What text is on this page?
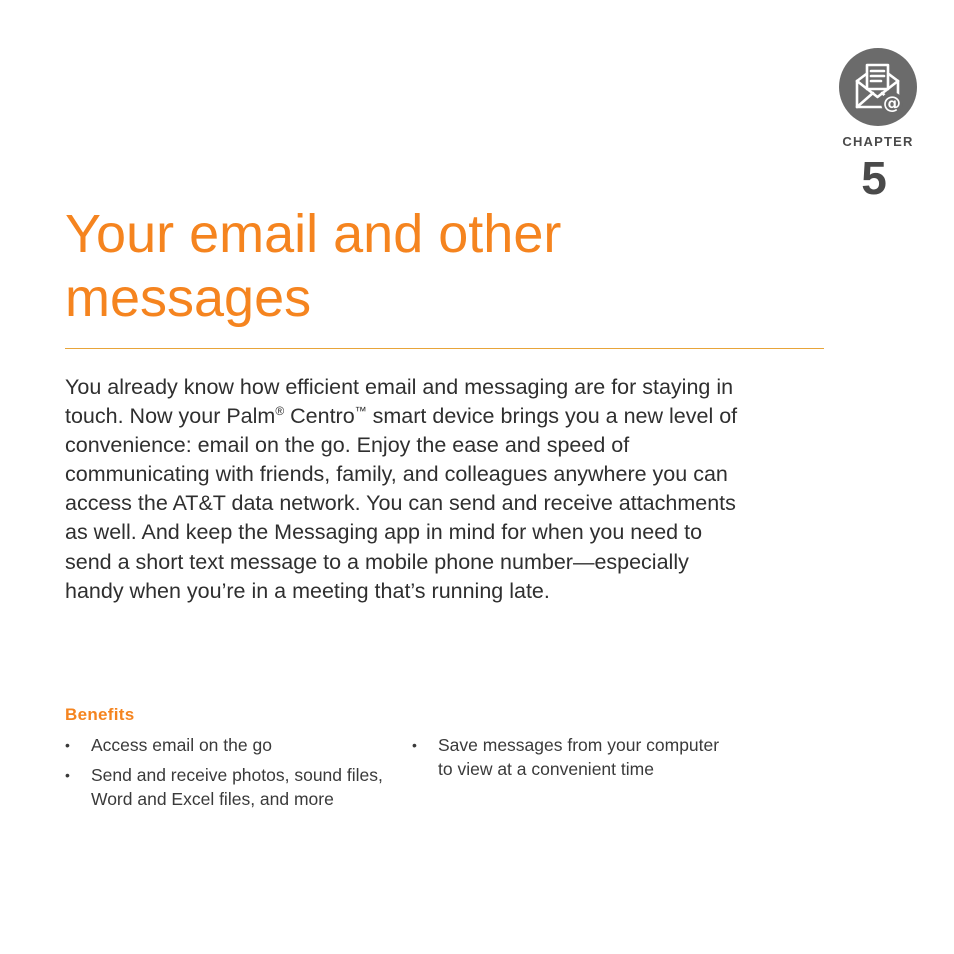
@
CHAPTER
5
Your email and other
messages

You already know how efficient email and messaging are for staying in touch. Now your Palm® Centro™ smart device brings you a new level of convenience: email on the go. Enjoy the ease and speed of communicating with friends, family, and colleagues anywhere you can access the AT&T data network. You can send and receive attachments as well. And keep the Messaging app in mind for when you need to send a short text message to a mobile phone number—especially handy when you’re in a meeting that’s running late.

Benefits
• Access email on the go
• Send and receive photos, sound files, Word and Excel files, and more
• Save messages from your computer to view at a convenient time
